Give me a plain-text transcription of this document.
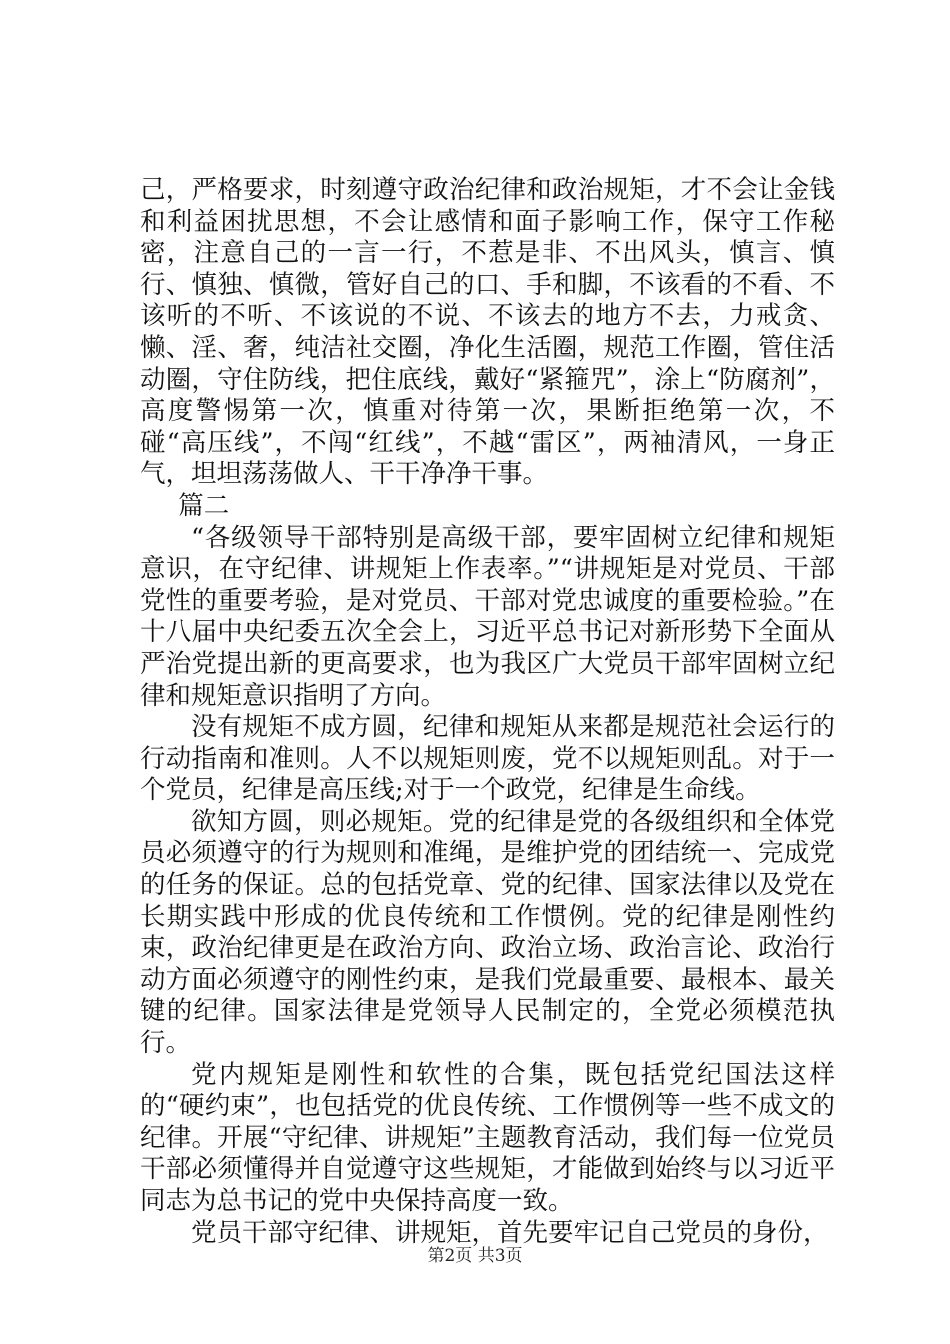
己，严格要求，时刻遵守政治纪律和政治规矩，才不会让金钱和利益困扰思想，不会让感情和面子影响工作，保守工作秘密，注意自己的一言一行，不惹是非、不出风头，慎言、慎行、慎独、慎微，管好自己的口、手和脚，不该看的不看、不该听的不听、不该说的不说、不该去的地方不去，力戒贪、懒、淫、奢，纯洁社交圈，净化生活圈，规范工作圈，管住活动圈，守住防线，把住底线，戴好“紧箍咒”，涂上“防腐剂”，高度警惕第一次，慎重对待第一次，果断拒绝第一次，不碰“高压线”，不闯“红线”，不越“雷区”，两袖清风，一身正气，坦坦荡荡做人、干干净净干事。

篇二

“各级领导干部特别是高级干部，要牢固树立纪律和规矩意识，在守纪律、讲规矩上作表率。”“讲规矩是对党员、干部党性的重要考验，是对党员、干部对党忠诚度的重要检验。”在十八届中央纪委五次全会上，习近平总书记对新形势下全面从严治党提出新的更高要求，也为我区广大党员干部牢固树立纪律和规矩意识指明了方向。

没有规矩不成方圆，纪律和规矩从来都是规范社会运行的行动指南和准则。人不以规矩则废，党不以规矩则乱。对于一个党员，纪律是高压线;对于一个政党，纪律是生命线。

欲知方圆，则必规矩。党的纪律是党的各级组织和全体党员必须遵守的行为规则和准绳，是维护党的团结统一、完成党的任务的保证。总的包括党章、党的纪律、国家法律以及党在长期实践中形成的优良传统和工作惯例。党的纪律是刚性约束，政治纪律更是在政治方向、政治立场、政治言论、政治行动方面必须遵守的刚性约束，是我们党最重要、最根本、最关键的纪律。国家法律是党领导人民制定的，全党必须模范执行。

党内规矩是刚性和软性的合集，既包括党纪国法这样的“硬约束”，也包括党的优良传统、工作惯例等一些不成文的纪律。开展“守纪律、讲规矩”主题教育活动，我们每一位党员干部必须懂得并自觉遵守这些规矩，才能做到始终与以习近平同志为总书记的党中央保持高度一致。

党员干部守纪律、讲规矩，首先要牢记自己党员的身份，

第2页 共3页
